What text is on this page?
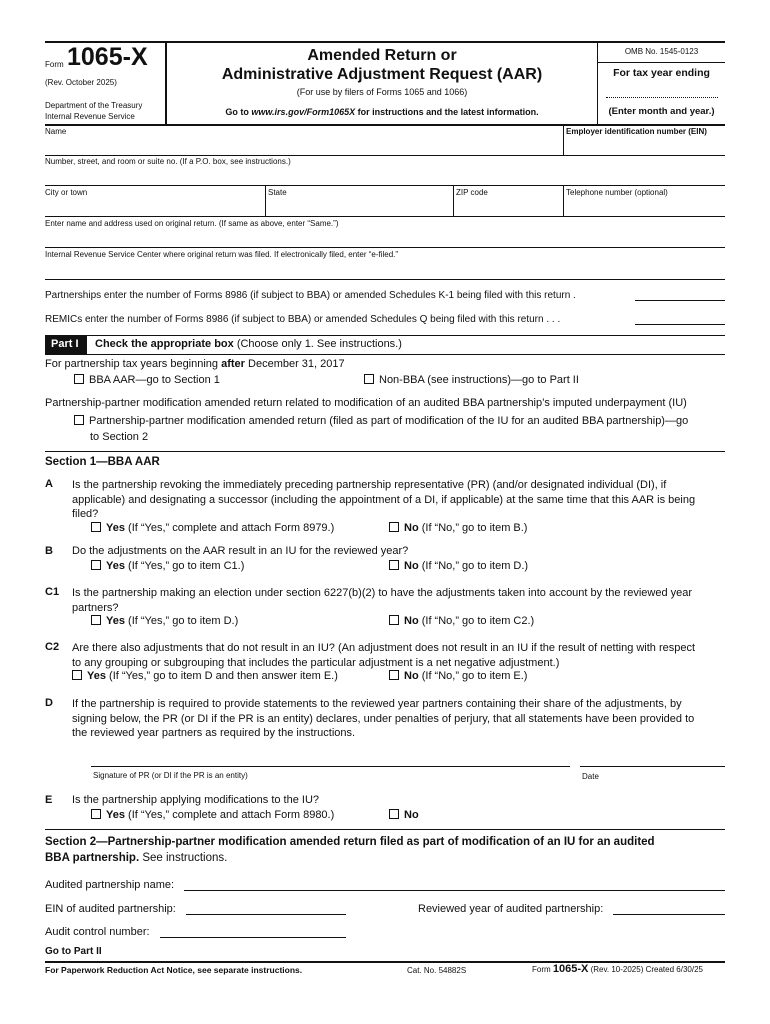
Form 1065-X
(Rev. October 2025)
Department of the Treasury
Internal Revenue Service
Amended Return or
Administrative Adjustment Request (AAR)
(For use by filers of Forms 1065 and 1066)
Go to www.irs.gov/Form1065X for instructions and the latest information.
OMB No. 1545-0123
For tax year ending
(Enter month and year.)
Name	Employer identification number (EIN)
Number, street, and room or suite no. (If a P.O. box, see instructions.)
City or town	State	ZIP code	Telephone number (optional)
Enter name and address used on original return. (If same as above, enter “Same.”)
Internal Revenue Service Center where original return was filed. If electronically filed, enter “e-filed.”
Partnerships enter the number of Forms 8986 (if subject to BBA) or amended Schedules K-1 being filed with this return .
REMICs enter the number of Forms 8986 (if subject to BBA) or amended Schedules Q being filed with this return . . .
Part I	Check the appropriate box (Choose only 1. See instructions.)
For partnership tax years beginning after December 31, 2017
BBA AAR—go to Section 1	Non-BBA (see instructions)—go to Part II
Partnership-partner modification amended return related to modification of an audited BBA partnership’s imputed underpayment (IU)
Partnership-partner modification amended return (filed as part of modification of the IU for an audited BBA partnership)—go
to Section 2
Section 1—BBA AAR
A Is the partnership revoking the immediately preceding partnership representative (PR) (and/or designated individual (DI), if
applicable) and designating a successor (including the appointment of a DI, if applicable) at the same time that this AAR is being
filed?
Yes (If “Yes,” complete and attach Form 8979.)	No (If “No,” go to item B.)
B Do the adjustments on the AAR result in an IU for the reviewed year?
Yes (If “Yes,” go to item C1.)	No (If “No,” go to item D.)
C1 Is the partnership making an election under section 6227(b)(2) to have the adjustments taken into account by the reviewed year
partners?
Yes (If “Yes,” go to item D.)	No (If “No,” go to item C2.)
C2 Are there also adjustments that do not result in an IU? (An adjustment does not result in an IU if the result of netting with respect
to any grouping or subgrouping that includes the particular adjustment is a net negative adjustment.)
Yes (If “Yes,” go to item D and then answer item E.)	No (If “No,” go to item E.)
D If the partnership is required to provide statements to the reviewed year partners containing their share of the adjustments, by
signing below, the PR (or DI if the PR is an entity) declares, under penalties of perjury, that all statements have been provided to
the reviewed year partners as required by the instructions.
Signature of PR (or DI if the PR is an entity)	Date
E Is the partnership applying modifications to the IU?
Yes (If “Yes,” complete and attach Form 8980.)	No
Section 2—Partnership-partner modification amended return filed as part of modification of an IU for an audited
BBA partnership. See instructions.
Audited partnership name:
EIN of audited partnership:	Reviewed year of audited partnership:
Audit control number:
Go to Part II
For Paperwork Reduction Act Notice, see separate instructions.	Cat. No. 54882S	Form 1065-X (Rev. 10-2025) Created 6/30/25
